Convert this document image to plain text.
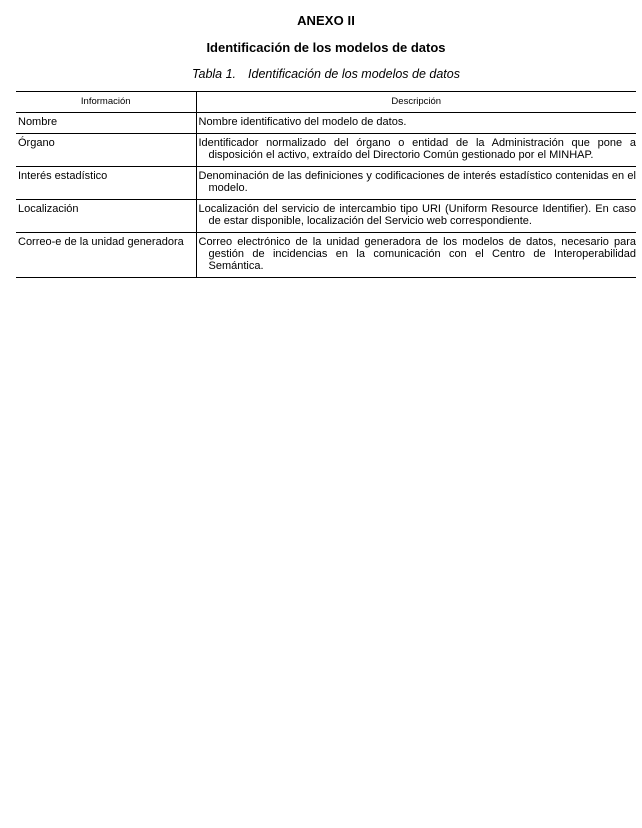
ANEXO II
Identificación de los modelos de datos
Tabla 1. Identificación de los modelos de datos
Información	Descripción
Nombre	Nombre identificativo del modelo de datos.

Órgano	Identificador normalizado del órgano o entidad de la Administración que pone a disposición el activo, extraído del Directorio Común gestionado por el MINHAP.

Interés estadístico	Denominación de las definiciones y codificaciones de interés estadístico contenidas en el modelo.

Localización	Localización del servicio de intercambio tipo URI (Uniform Resource Identifier). En caso de estar disponible, localización del Servicio web correspondiente.

Correo-e de la unidad generadora	Correo electrónico de la unidad generadora de los modelos de datos, necesario para gestión de incidencias en la comunicación con el Centro de Interoperabilidad Semántica.
